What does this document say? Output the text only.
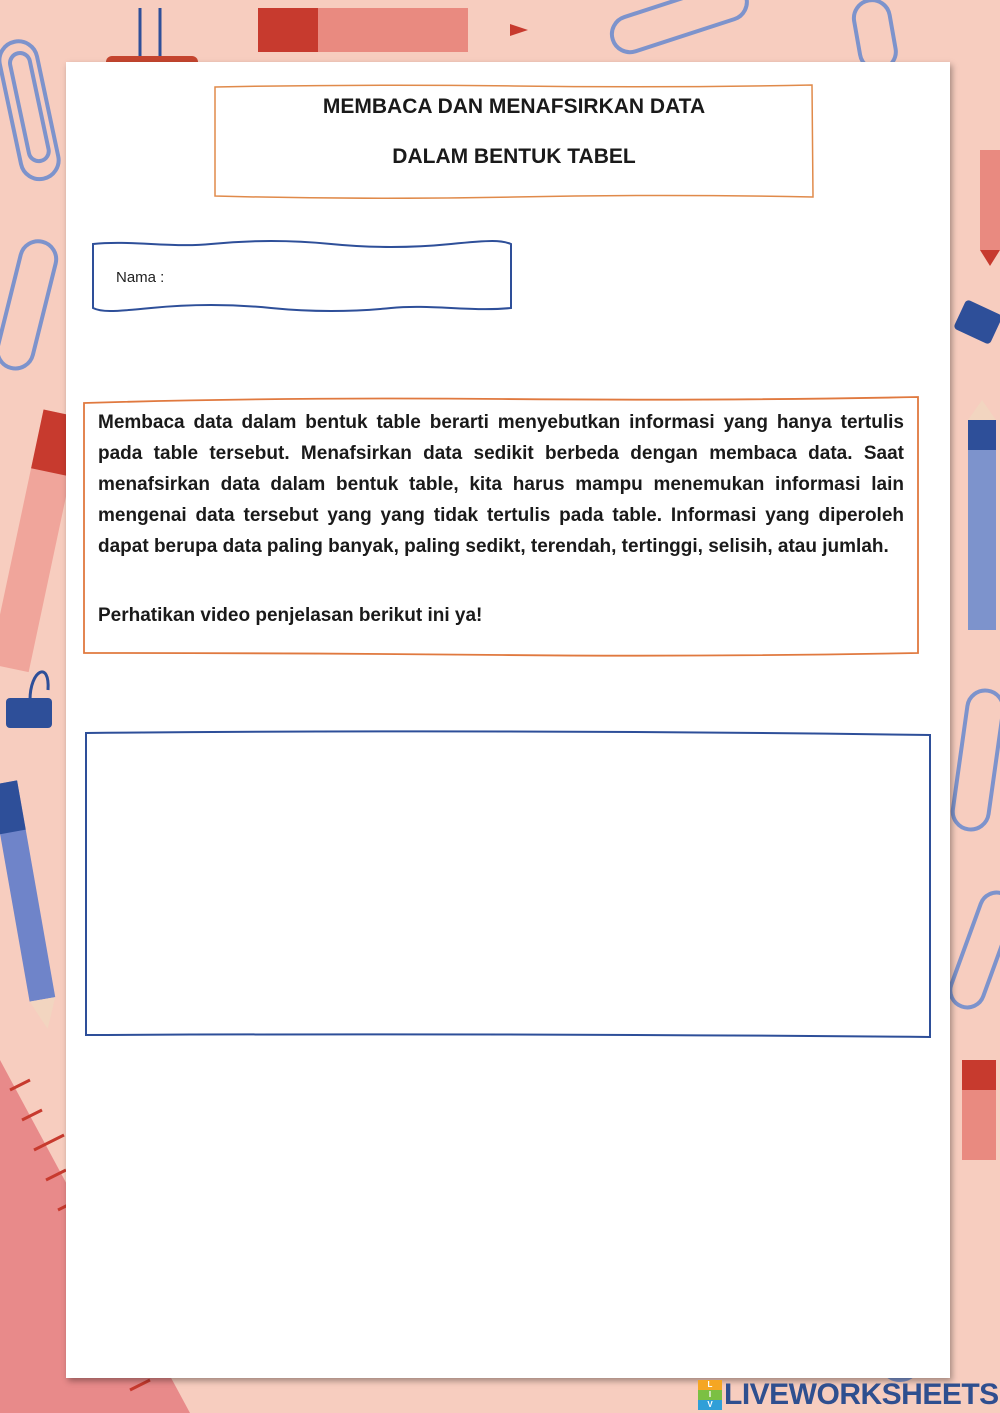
MEMBACA DAN MENAFSIRKAN DATA
DALAM BENTUK TABEL
Nama :

Membaca data dalam bentuk table berarti menyebutkan informasi yang hanya tertulis pada table tersebut. Menafsirkan data sedikit berbeda dengan membaca data. Saat menafsirkan data dalam bentuk table, kita harus mampu menemukan informasi lain mengenai data tersebut yang yang tidak tertulis pada table. Informasi yang diperoleh dapat berupa data paling banyak, paling sedikt, terendah, tertinggi, selisih, atau jumlah.

Perhatikan video penjelasan berikut ini ya!

L
I
V LIVEWORKSHEETS
